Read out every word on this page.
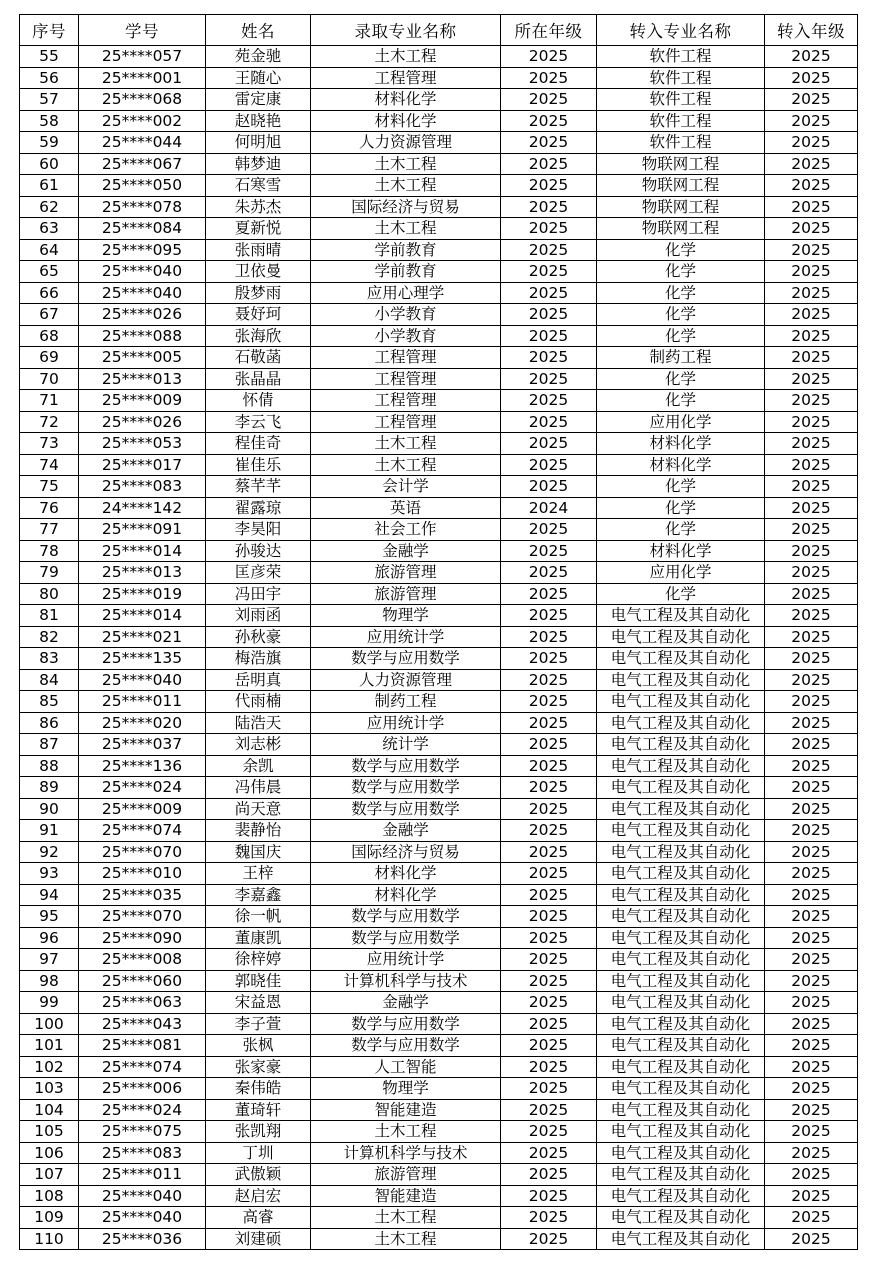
序号	学号	姓名	录取专业名称	所在年级	转入专业名称	转入年级
55	25****057	苑金驰	土木工程	2025	软件工程	2025
56	25****001	王随心	工程管理	2025	软件工程	2025
57	25****068	雷定康	材料化学	2025	软件工程	2025
58	25****002	赵晓艳	材料化学	2025	软件工程	2025
59	25****044	何明旭	人力资源管理	2025	软件工程	2025
60	25****067	韩梦迪	土木工程	2025	物联网工程	2025
61	25****050	石寒雪	土木工程	2025	物联网工程	2025
62	25****078	朱苏杰	国际经济与贸易	2025	物联网工程	2025
63	25****084	夏新悦	土木工程	2025	物联网工程	2025
64	25****095	张雨晴	学前教育	2025	化学	2025
65	25****040	卫依曼	学前教育	2025	化学	2025
66	25****040	殷梦雨	应用心理学	2025	化学	2025
67	25****026	聂妤珂	小学教育	2025	化学	2025
68	25****088	张海欣	小学教育	2025	化学	2025
69	25****005	石敬菡	工程管理	2025	制药工程	2025
70	25****013	张晶晶	工程管理	2025	化学	2025
71	25****009	怀倩	工程管理	2025	化学	2025
72	25****026	李云飞	工程管理	2025	应用化学	2025
73	25****053	程佳奇	土木工程	2025	材料化学	2025
74	25****017	崔佳乐	土木工程	2025	材料化学	2025
75	25****083	蔡芊芊	会计学	2025	化学	2025
76	24****142	翟露琼	英语	2024	化学	2025
77	25****091	李昊阳	社会工作	2025	化学	2025
78	25****014	孙骏达	金融学	2025	材料化学	2025
79	25****013	匡彦荣	旅游管理	2025	应用化学	2025
80	25****019	冯田宇	旅游管理	2025	化学	2025
81	25****014	刘雨函	物理学	2025	电气工程及其自动化	2025
82	25****021	孙秋豪	应用统计学	2025	电气工程及其自动化	2025
83	25****135	梅浩旗	数学与应用数学	2025	电气工程及其自动化	2025
84	25****040	岳明真	人力资源管理	2025	电气工程及其自动化	2025
85	25****011	代雨楠	制药工程	2025	电气工程及其自动化	2025
86	25****020	陆浩天	应用统计学	2025	电气工程及其自动化	2025
87	25****037	刘志彬	统计学	2025	电气工程及其自动化	2025
88	25****136	余凯	数学与应用数学	2025	电气工程及其自动化	2025
89	25****024	冯伟晨	数学与应用数学	2025	电气工程及其自动化	2025
90	25****009	尚天意	数学与应用数学	2025	电气工程及其自动化	2025
91	25****074	裴静怡	金融学	2025	电气工程及其自动化	2025
92	25****070	魏国庆	国际经济与贸易	2025	电气工程及其自动化	2025
93	25****010	王梓	材料化学	2025	电气工程及其自动化	2025
94	25****035	李嘉鑫	材料化学	2025	电气工程及其自动化	2025
95	25****070	徐一帆	数学与应用数学	2025	电气工程及其自动化	2025
96	25****090	董康凯	数学与应用数学	2025	电气工程及其自动化	2025
97	25****008	徐梓婷	应用统计学	2025	电气工程及其自动化	2025
98	25****060	郭晓佳	计算机科学与技术	2025	电气工程及其自动化	2025
99	25****063	宋益恩	金融学	2025	电气工程及其自动化	2025
100	25****043	李子萱	数学与应用数学	2025	电气工程及其自动化	2025
101	25****081	张枫	数学与应用数学	2025	电气工程及其自动化	2025
102	25****074	张家豪	人工智能	2025	电气工程及其自动化	2025
103	25****006	秦伟皓	物理学	2025	电气工程及其自动化	2025
104	25****024	董琦轩	智能建造	2025	电气工程及其自动化	2025
105	25****075	张凯翔	土木工程	2025	电气工程及其自动化	2025
106	25****083	丁圳	计算机科学与技术	2025	电气工程及其自动化	2025
107	25****011	武傲颖	旅游管理	2025	电气工程及其自动化	2025
108	25****040	赵启宏	智能建造	2025	电气工程及其自动化	2025
109	25****040	高睿	土木工程	2025	电气工程及其自动化	2025
110	25****036	刘建硕	土木工程	2025	电气工程及其自动化	2025
